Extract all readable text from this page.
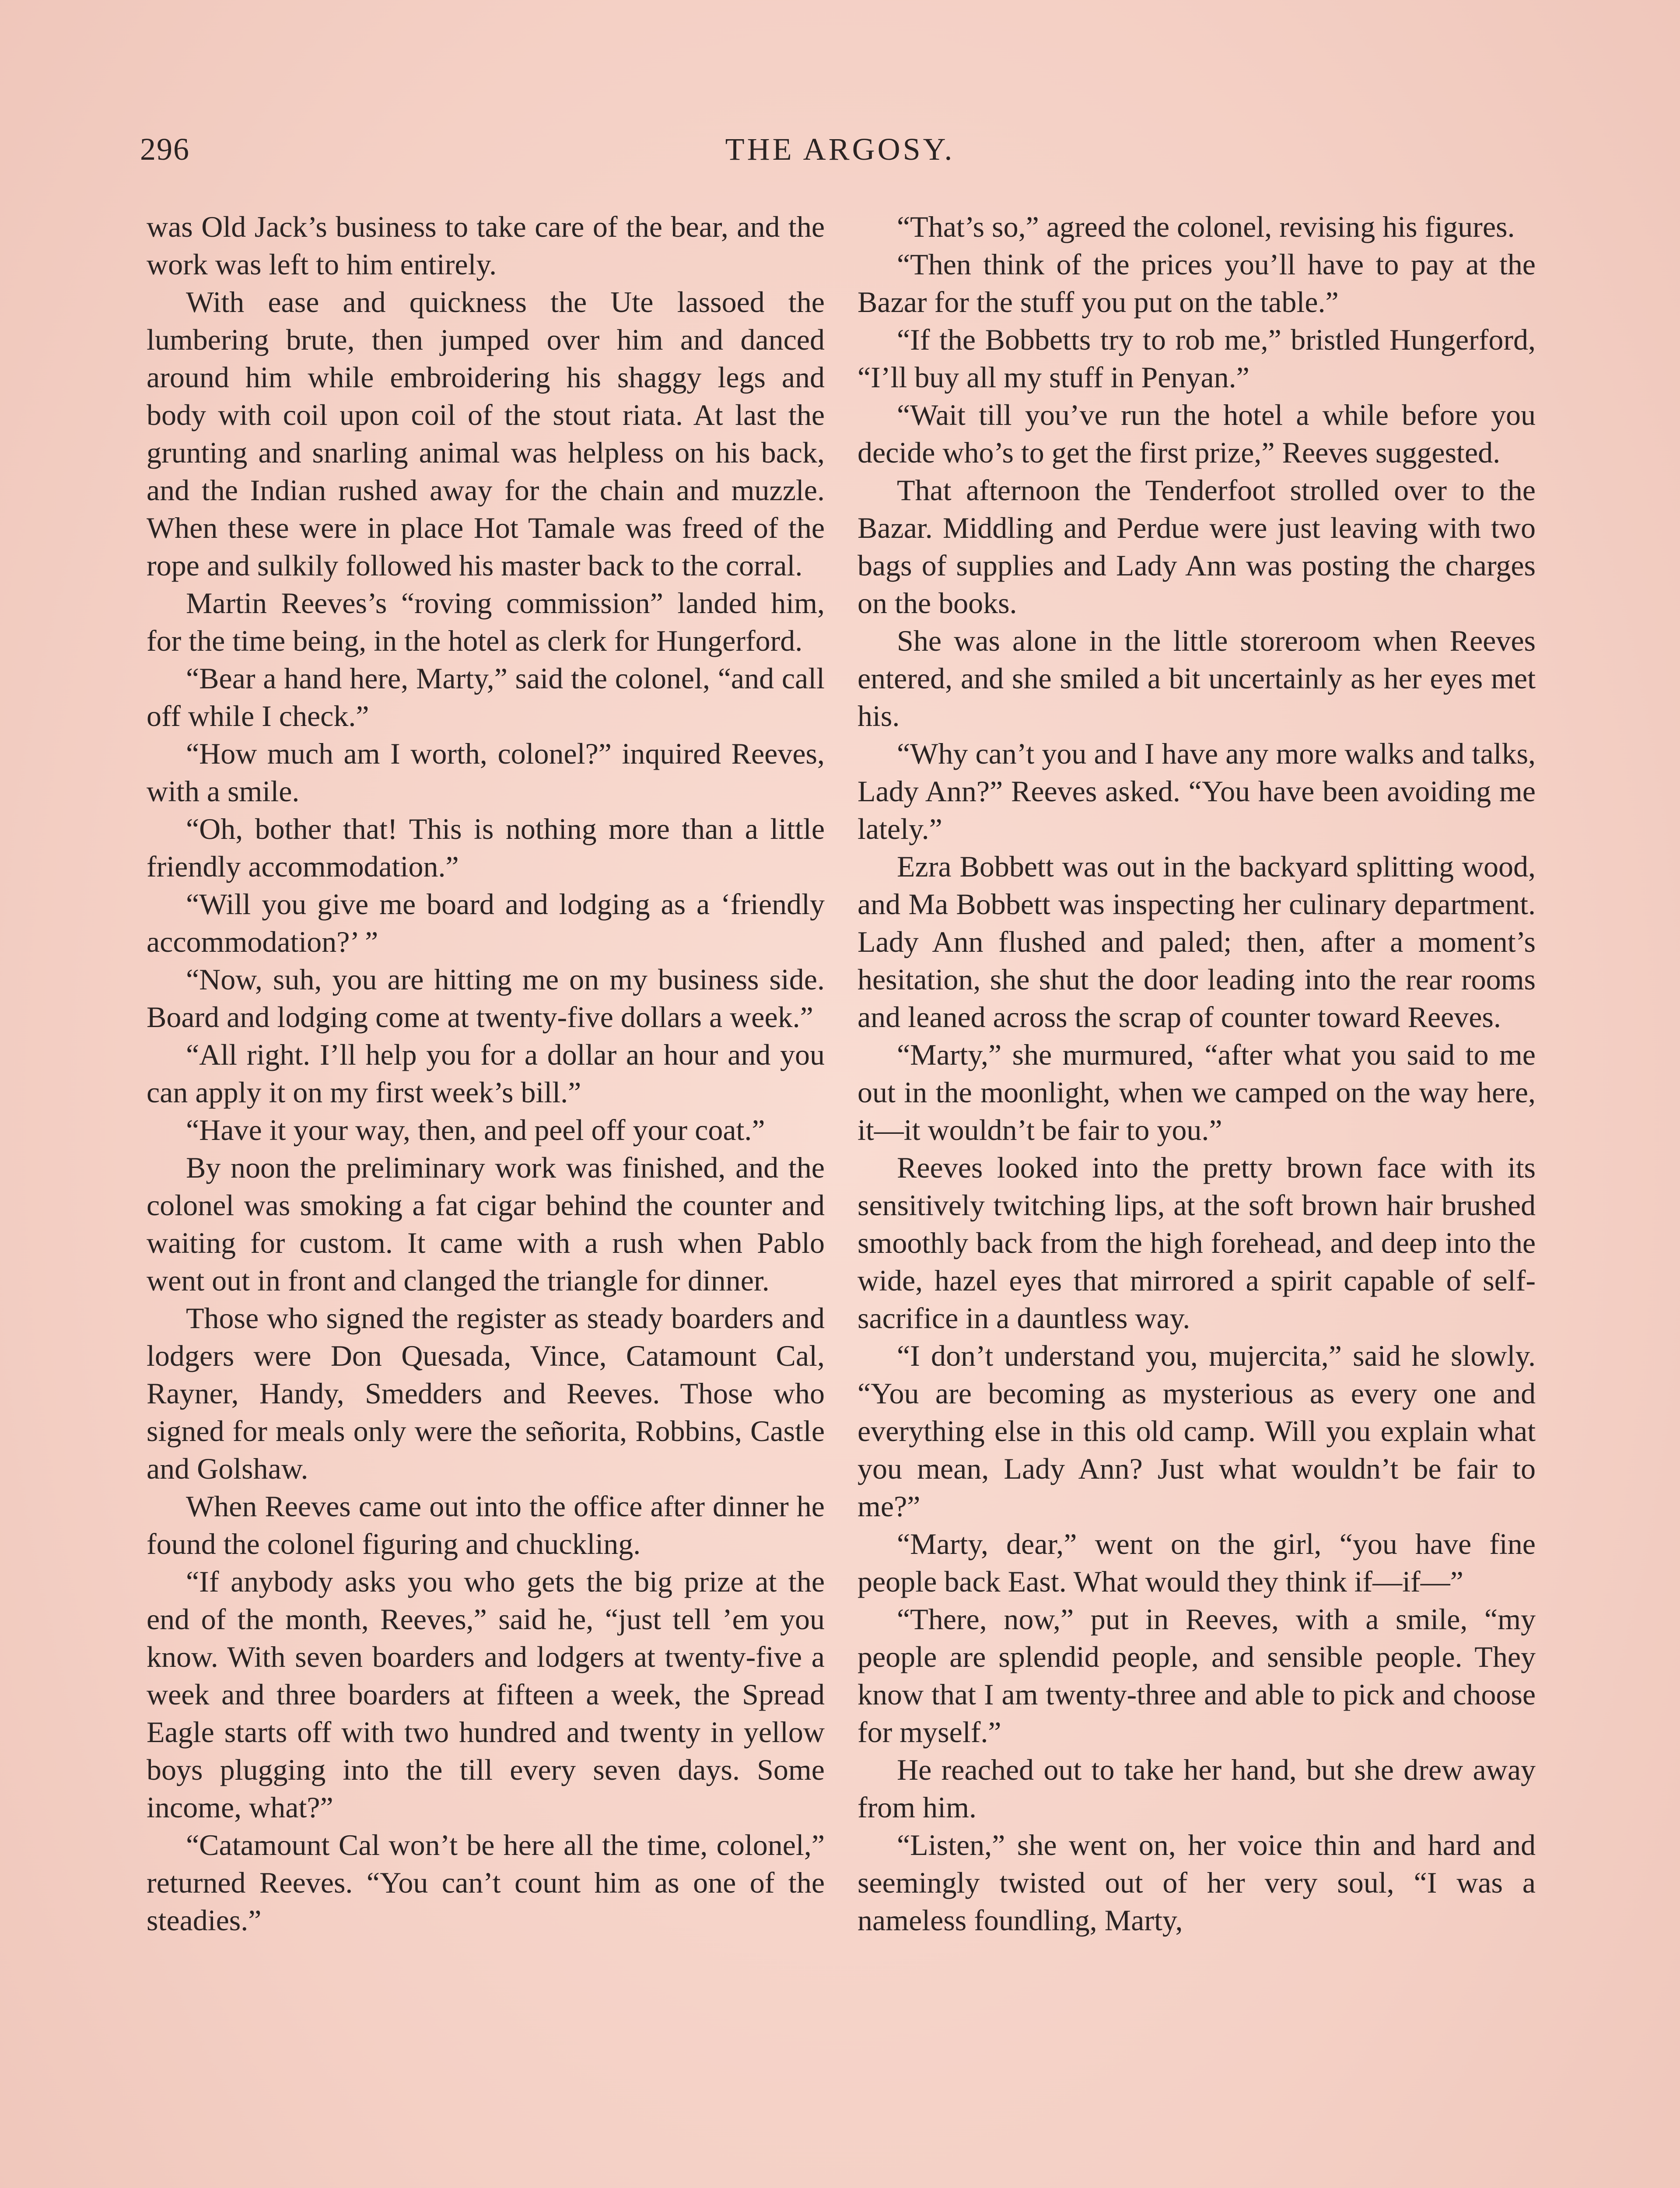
296	THE ARGOSY.

was Old Jack’s business to take care of the bear, and the work was left to him entirely.

With ease and quickness the Ute lassoed the lumbering brute, then jumped over him and danced around him while embroidering his shaggy legs and body with coil upon coil of the stout riata. At last the grunting and snarling animal was helpless on his back, and the Indian rushed away for the chain and muzzle. When these were in place Hot Tamale was freed of the rope and sulkily followed his master back to the corral.

Martin Reeves’s “roving commission” landed him, for the time being, in the hotel as clerk for Hungerford.

“Bear a hand here, Marty,” said the colonel, “and call off while I check.”

“How much am I worth, colonel?” inquired Reeves, with a smile.

“Oh, bother that! This is nothing more than a little friendly accommodation.”

“Will you give me board and lodging as a ‘friendly accommodation?’ ”

“Now, suh, you are hitting me on my business side. Board and lodging come at twenty-five dollars a week.”

“All right. I’ll help you for a dollar an hour and you can apply it on my first week’s bill.”

“Have it your way, then, and peel off your coat.”

By noon the preliminary work was finished, and the colonel was smoking a fat cigar behind the counter and waiting for custom. It came with a rush when Pablo went out in front and clanged the triangle for dinner.

Those who signed the register as steady boarders and lodgers were Don Quesada, Vince, Catamount Cal, Rayner, Handy, Smedders and Reeves. Those who signed for meals only were the señorita, Robbins, Castle and Golshaw.

When Reeves came out into the office after dinner he found the colonel figuring and chuckling.

“If anybody asks you who gets the big prize at the end of the month, Reeves,” said he, “just tell ’em you know. With seven boarders and lodgers at twenty-five a week and three boarders at fifteen a week, the Spread Eagle starts off with two hundred and twenty in yellow boys plugging into the till every seven days. Some income, what?”

“Catamount Cal won’t be here all the time, colonel,” returned Reeves. “You can’t count him as one of the steadies.”

“That’s so,” agreed the colonel, revising his figures.

“Then think of the prices you’ll have to pay at the Bazar for the stuff you put on the table.”

“If the Bobbetts try to rob me,” bristled Hungerford, “I’ll buy all my stuff in Penyan.”

“Wait till you’ve run the hotel a while before you decide who’s to get the first prize,” Reeves suggested.

That afternoon the Tenderfoot strolled over to the Bazar. Middling and Perdue were just leaving with two bags of supplies and Lady Ann was posting the charges on the books.

She was alone in the little storeroom when Reeves entered, and she smiled a bit uncertainly as her eyes met his.

“Why can’t you and I have any more walks and talks, Lady Ann?” Reeves asked. “You have been avoiding me lately.”

Ezra Bobbett was out in the backyard splitting wood, and Ma Bobbett was inspecting her culinary department. Lady Ann flushed and paled; then, after a moment’s hesitation, she shut the door leading into the rear rooms and leaned across the scrap of counter toward Reeves.

“Marty,” she murmured, “after what you said to me out in the moonlight, when we camped on the way here, it—it wouldn’t be fair to you.”

Reeves looked into the pretty brown face with its sensitively twitching lips, at the soft brown hair brushed smoothly back from the high forehead, and deep into the wide, hazel eyes that mirrored a spirit capable of self-sacrifice in a dauntless way.

“I don’t understand you, mujercita,” said he slowly. “You are becoming as mysterious as every one and everything else in this old camp. Will you explain what you mean, Lady Ann? Just what wouldn’t be fair to me?”

“Marty, dear,” went on the girl, “you have fine people back East. What would they think if—if—”

“There, now,” put in Reeves, with a smile, “my people are splendid people, and sensible people. They know that I am twenty-three and able to pick and choose for myself.”

He reached out to take her hand, but she drew away from him.

“Listen,” she went on, her voice thin and hard and seemingly twisted out of her very soul, “I was a nameless foundling, Marty,
